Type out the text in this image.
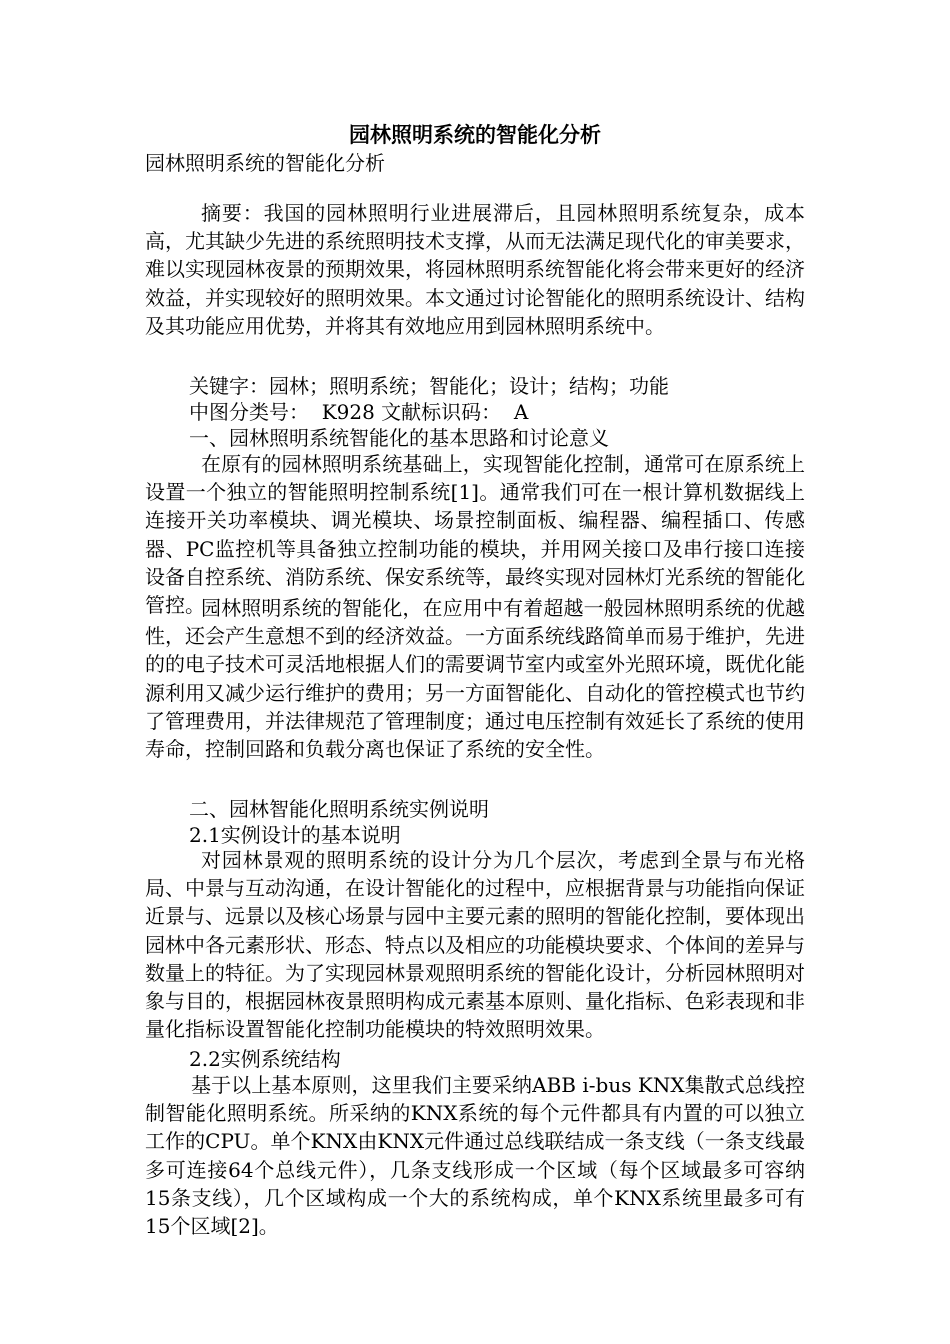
园林照明系统的智能化分析
园林照明系统的智能化分析
摘要：我国的园林照明行业进展滞后，且园林照明系统复杂，成本高，尤其缺少先进的系统照明技术支撑，从而无法满足现代化的审美要求，难以实现园林夜景的预期效果，将园林照明系统智能化将会带来更好的经济效益，并实现较好的照明效果。本文通过讨论智能化的照明系统设计、结构及其功能应用优势，并将其有效地应用到园林照明系统中。
关键字：园林；照明系统；智能化；设计；结构；功能
中图分类号：  K928 文献标识码：  A
一、园林照明系统智能化的基本思路和讨论意义
在原有的园林照明系统基础上，实现智能化控制，通常可在原系统上设置一个独立的智能照明控制系统[1]。通常我们可在一根计算机数据线上连接开关功率模块、调光模块、场景控制面板、编程器、编程插口、传感器、PC监控机等具备独立控制功能的模块，并用网关接口及串行接口连接设备自控系统、消防系统、保安系统等，最终实现对园林灯光系统的智能化管控。
园林照明系统的智能化，在应用中有着超越一般园林照明系统的优越性，还会产生意想不到的经济效益。一方面系统线路简单而易于维护，先进的的电子技术可灵活地根据人们的需要调节室内或室外光照环境，既优化能源利用又减少运行维护的费用；另一方面智能化、自动化的管控模式也节约了管理费用，并法律规范了管理制度；通过电压控制有效延长了系统的使用寿命，控制回路和负载分离也保证了系统的安全性。
二、园林智能化照明系统实例说明
2.1实例设计的基本说明
对园林景观的照明系统的设计分为几个层次，考虑到全景与布光格局、中景与互动沟通，在设计智能化的过程中，应根据背景与功能指向保证近景与、远景以及核心场景与园中主要元素的照明的智能化控制，要体现出园林中各元素形状、形态、特点以及相应的功能模块要求、个体间的差异与数量上的特征。为了实现园林景观照明系统的智能化设计，分析园林照明对象与目的，根据园林夜景照明构成元素基本原则、量化指标、色彩表现和非量化指标设置智能化控制功能模块的特效照明效果。
2.2实例系统结构
基于以上基本原则，这里我们主要采纳ABB i-bus KNX集散式总线控制智能化照明系统。所采纳的KNX系统的每个元件都具有内置的可以独立工作的CPU。单个KNX由KNX元件通过总线联结成一条支线（一条支线最多可连接64个总线元件），几条支线形成一个区域（每个区域最多可容纳15条支线），几个区域构成一个大的系统构成，单个KNX系统里最多可有15个区域[2]。
